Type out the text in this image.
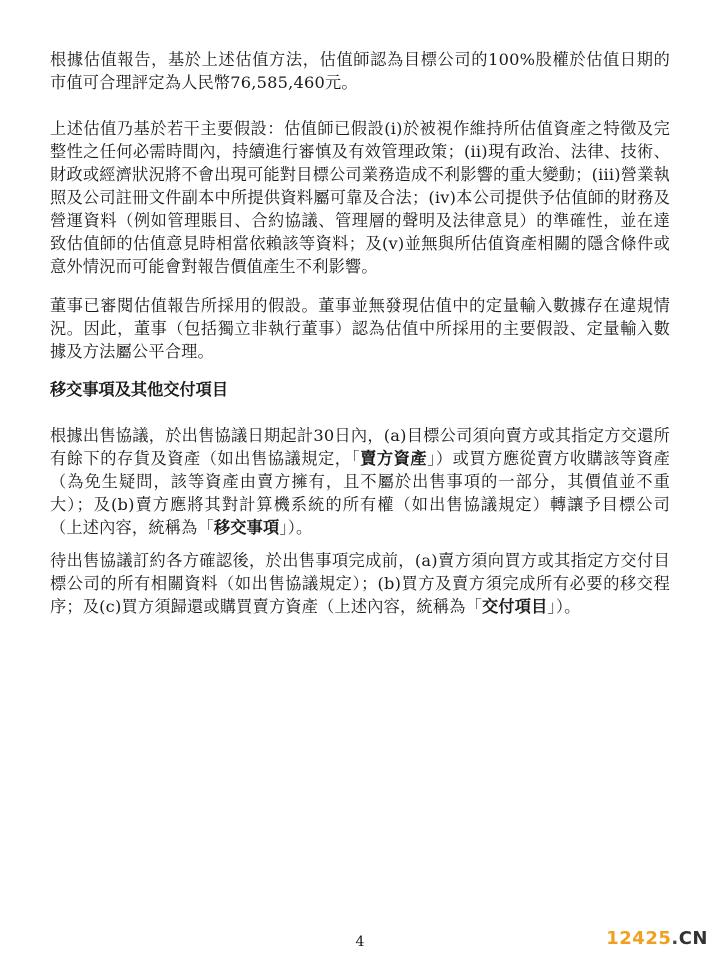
根據估值報告，基於上述估值方法，估值師認為目標公司的100%股權於估值日期的市值可合理評定為人民幣76,585,460元。

上述估值乃基於若干主要假設：估值師已假設(i)於被視作維持所估值資產之特徵及完整性之任何必需時間內，持續進行審慎及有效管理政策；(ii)現有政治、法律、技術、財政或經濟狀況將不會出現可能對目標公司業務造成不利影響的重大變動；(iii)營業執照及公司註冊文件副本中所提供資料屬可靠及合法；(iv)本公司提供予估值師的財務及營運資料（例如管理賬目、合約協議、管理層的聲明及法律意見）的準確性，並在達致估值師的估值意見時相當依賴該等資料；及(v)並無與所估值資產相關的隱含條件或意外情況而可能會對報告價值產生不利影響。

董事已審閱估值報告所採用的假設。董事並無發現估值中的定量輸入數據存在違規情況。因此，董事（包括獨立非執行董事）認為估值中所採用的主要假設、定量輸入數據及方法屬公平合理。

移交事項及其他交付項目

根據出售協議，於出售協議日期起計30日內，(a)目標公司須向賣方或其指定方交還所有餘下的存貨及資產（如出售協議規定，「賣方資產」）或買方應從賣方收購該等資產（為免生疑問，該等資產由賣方擁有，且不屬於出售事項的一部分，其價值並不重大）；及(b)賣方應將其對計算機系統的所有權（如出售協議規定）轉讓予目標公司（上述內容，統稱為「移交事項」）。

待出售協議訂約各方確認後，於出售事項完成前，(a)賣方須向買方或其指定方交付目標公司的所有相關資料（如出售協議規定）；(b)買方及賣方須完成所有必要的移交程序；及(c)買方須歸還或購買賣方資產（上述內容，統稱為「交付項目」）。

4	12425.CN
